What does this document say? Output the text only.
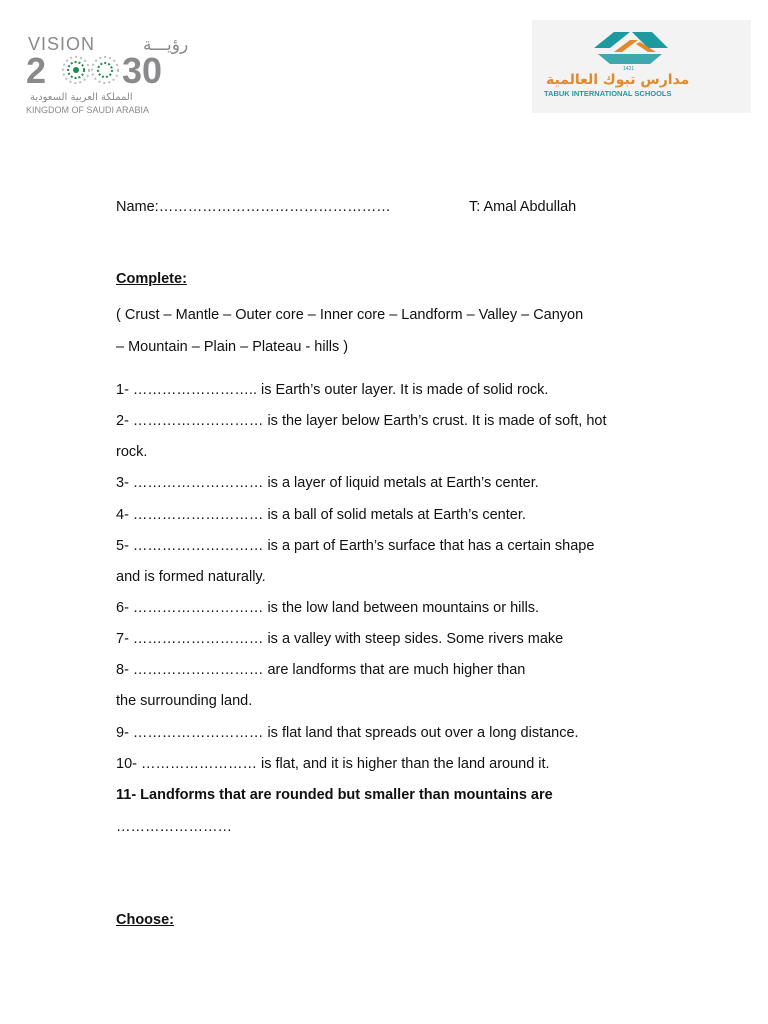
VISION	رؤيـــة
2 30
المملكة العربية السعودية
KINGDOM OF SAUDI ARABIA
1421
مدارس تبوك العالمية
TABUK INTERNATIONAL SCHOOLS
Name:…………………………………………	T: Amal Abdullah
Complete:
( Crust – Mantle – Outer core – Inner core – Landform – Valley – Canyon
– Mountain – Plain – Plateau - hills )
1- …………………….. is Earth’s outer layer. It is made of solid rock.
2- ……………………… is the layer below Earth’s crust. It is made of soft, hot
rock.
3- ……………………… is a layer of liquid metals at Earth’s center.
4- ……………………… is a ball of solid metals at Earth’s center.
5- ……………………… is a part of Earth’s surface that has a certain shape
and is formed naturally.
6- ……………………… is the low land between mountains or hills.
7- ……………………… is a valley with steep sides. Some rivers make
8- ……………………… are landforms that are much higher than
the surrounding land.
9- ……………………… is flat land that spreads out over a long distance.
10- …………………… is flat, and it is higher than the land around it.
11- Landforms that are rounded but smaller than mountains are
……………………
Choose:
